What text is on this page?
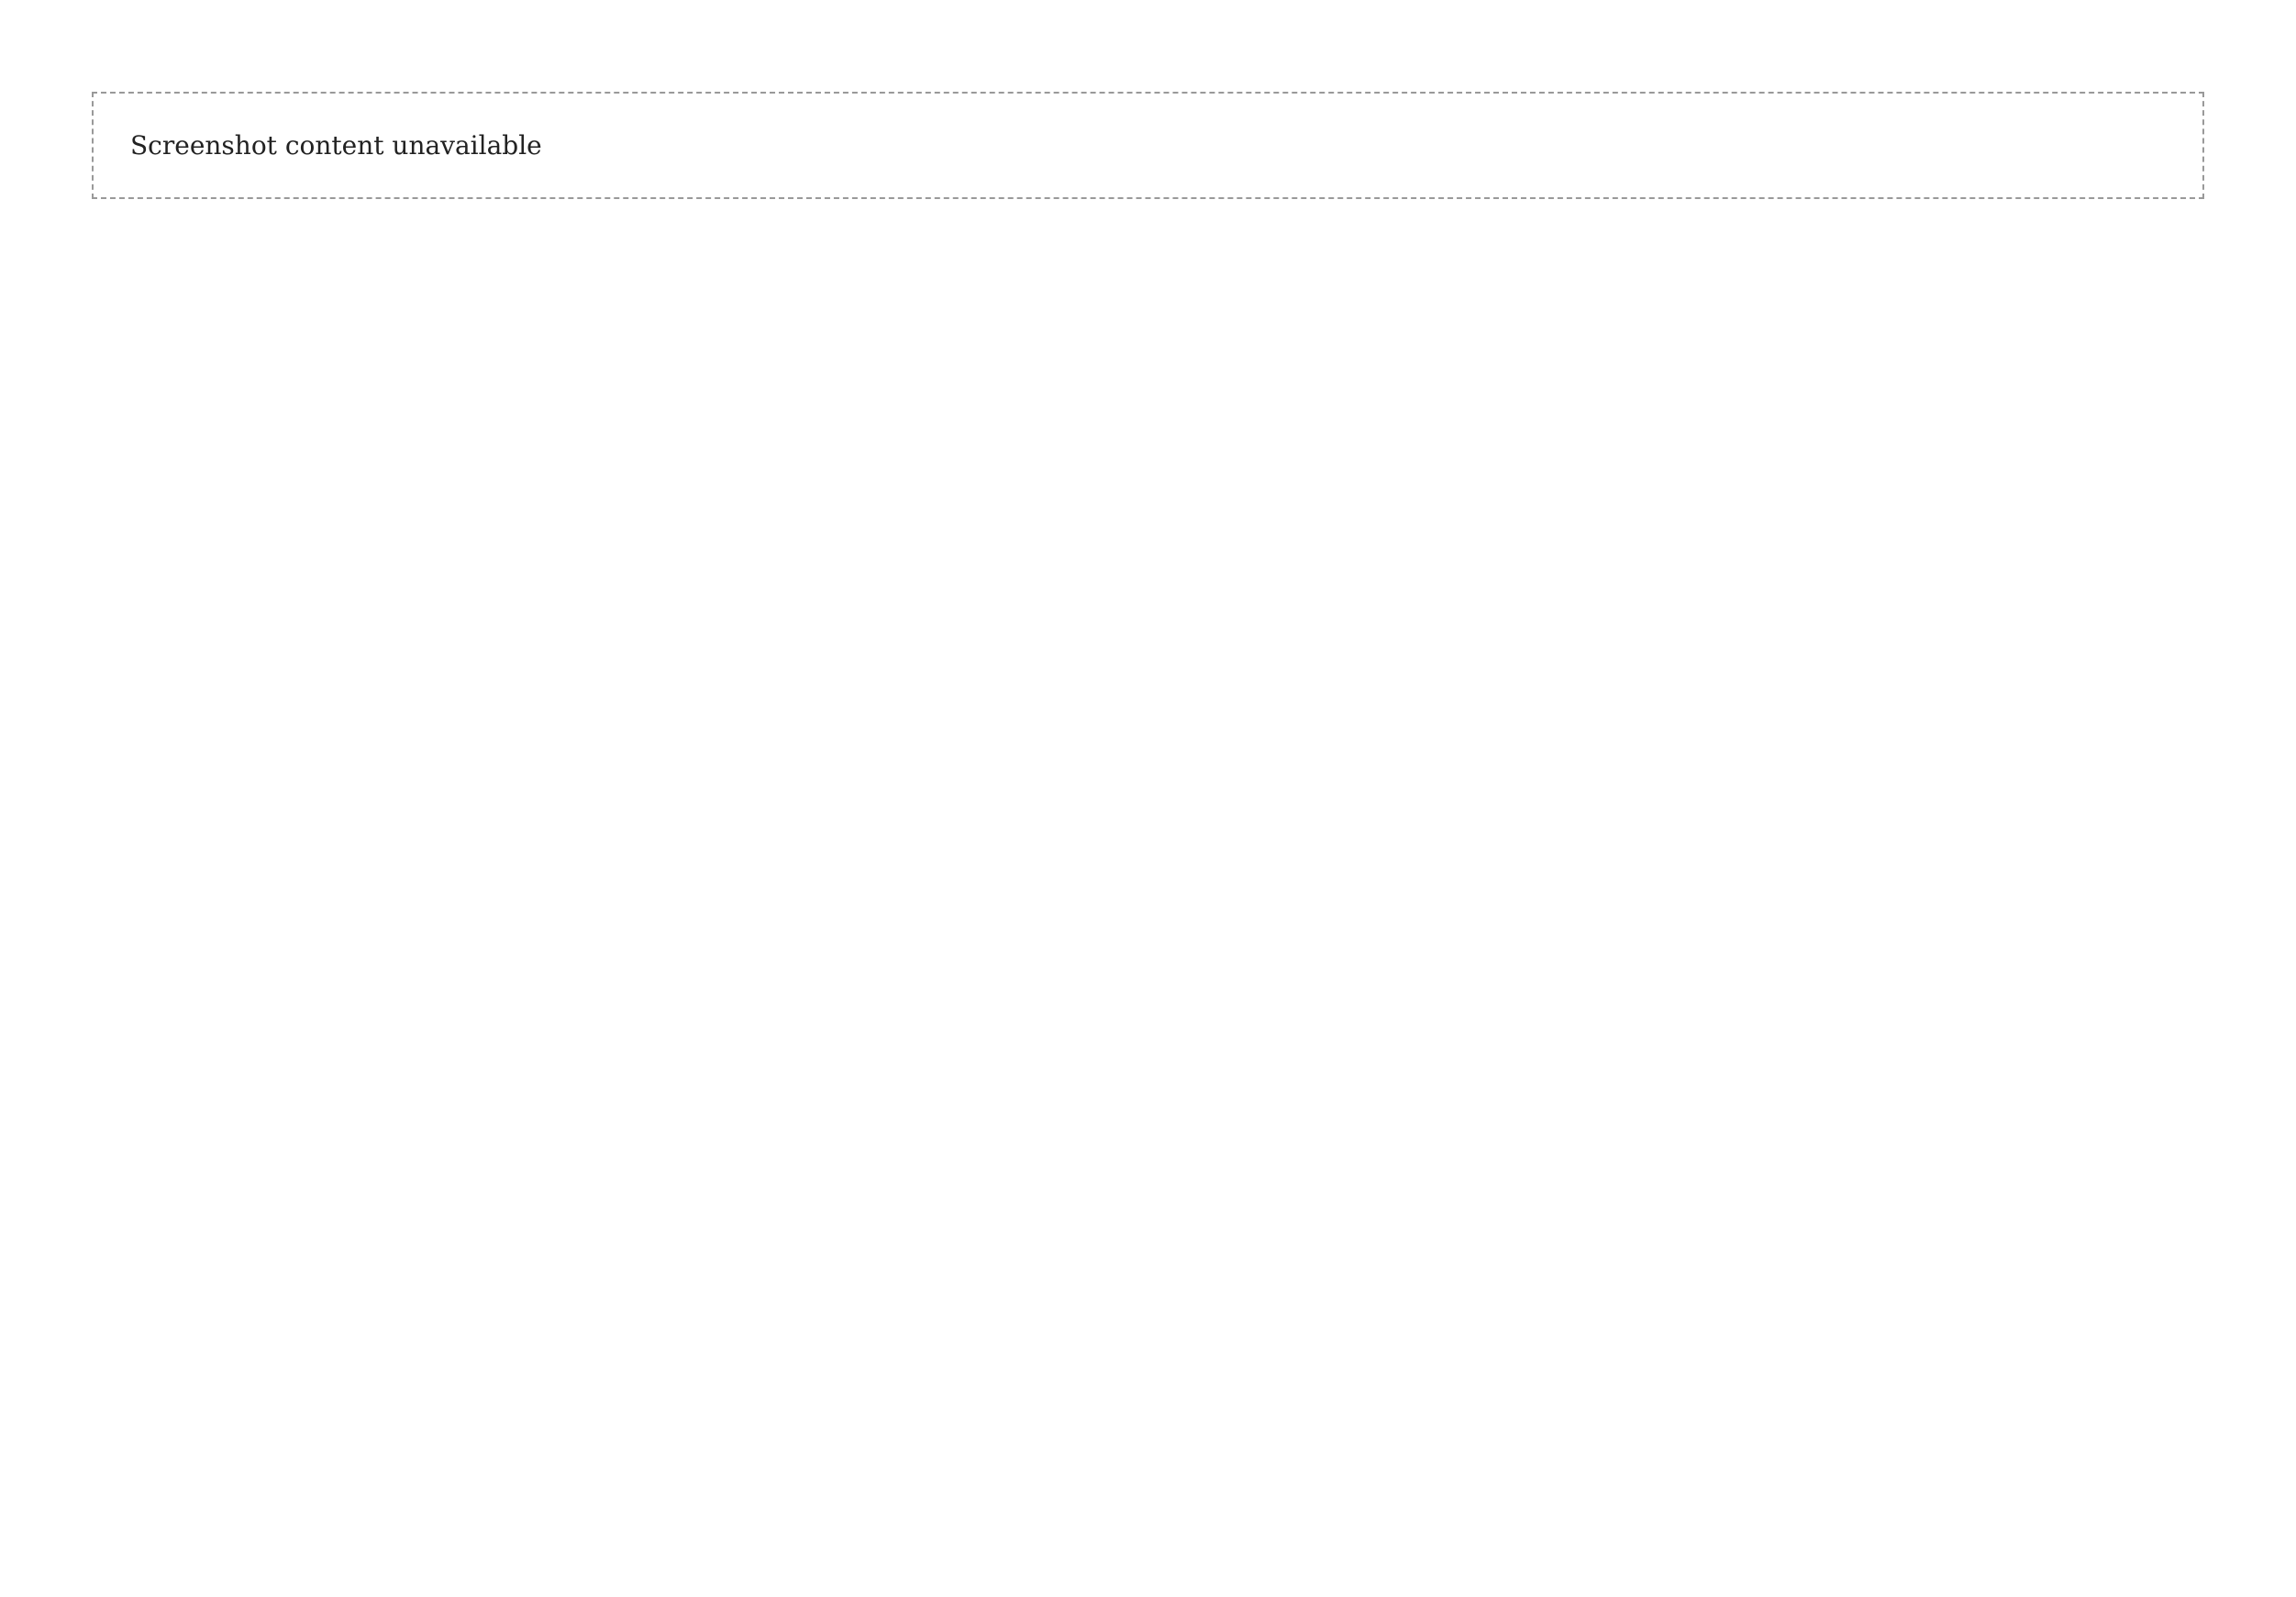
Screenshot content unavailable
